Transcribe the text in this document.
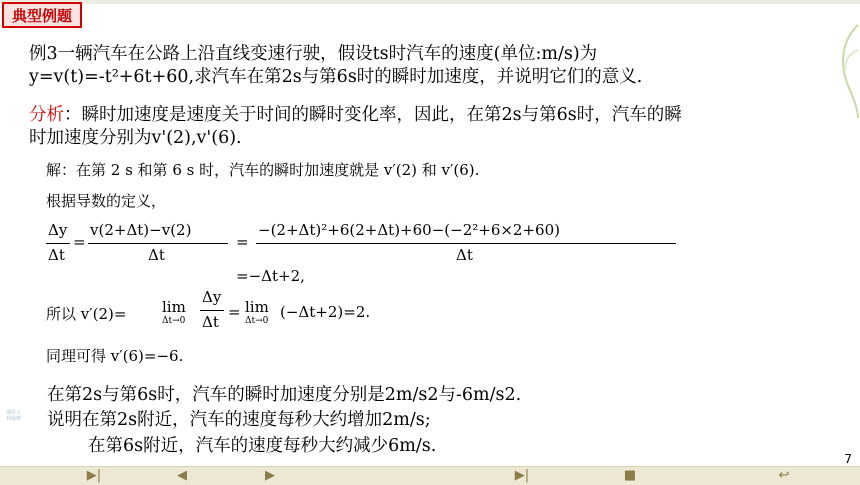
典型例题
例3一辆汽车在公路上沿直线变速行驶，假设ts时汽车的速度(单位:m/s)为
y=v(t)=-t²+6t+60,求汽车在第2s与第6s时的瞬时加速度，并说明它们的意义.
分析：瞬时加速度是速度关于时间的瞬时变化率，因此，在第2s与第6s时，汽车的瞬
时加速度分别为v'(2),v'(6).
解：在第 2 s 和第 6 s 时，汽车的瞬时加速度就是 v′(2) 和 v′(6).
根据导数的定义，
Δy
Δt
=
v(2+Δt)−v(2)
Δt
=
−(2+Δt)²+6(2+Δt)+60−(−2²+6×2+60)
Δt
=−Δt+2,
所以 v′(2)= lim
Δt→0
Δy
Δt
= lim
Δt→0 (−Δt+2)=2.
同理可得 v′(6)=−6.
在第2s与第6s时，汽车的瞬时加速度分别是2m/s2与-6m/s2.
说明在第2s附近，汽车的速度每秒大约增加2m/s;
在第6s附近，汽车的速度每秒大约减少6m/s.
课件人 利保修
7
▶|	◀	▶	▶|	■	↩
